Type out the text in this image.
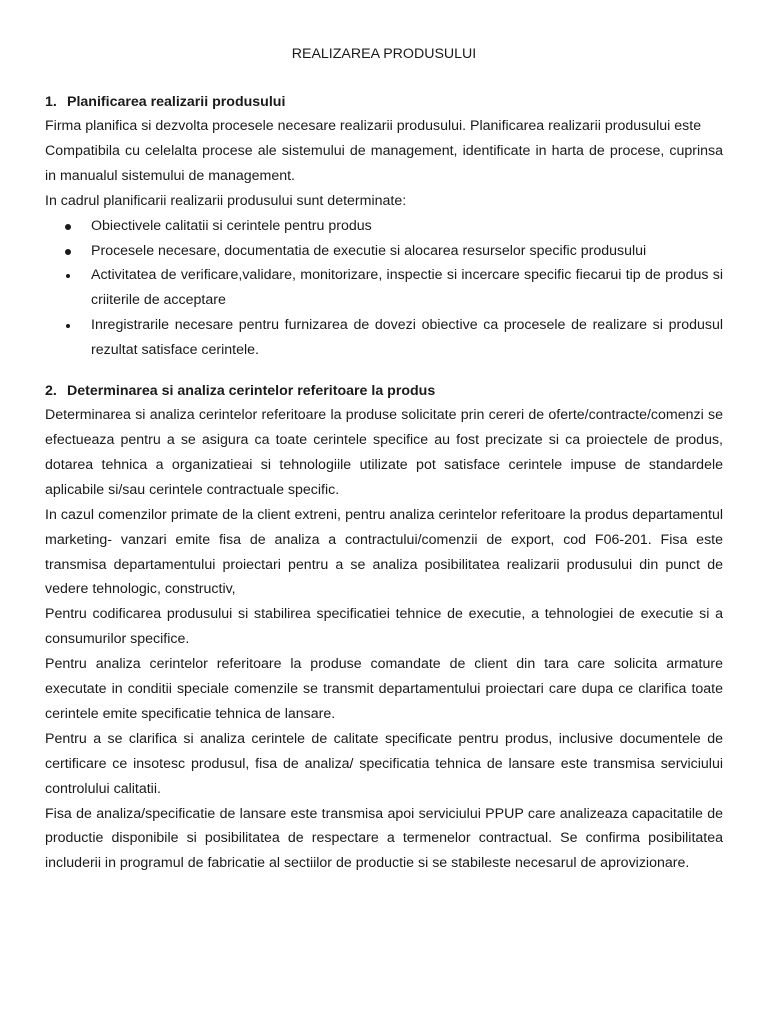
REALIZAREA PRODUSULUI
1. Planificarea realizarii produsului

Firma planifica si dezvolta procesele necesare realizarii produsului. Planificarea realizarii produsului este

Compatibila cu celelalta procese ale sistemului de management, identificate in harta de procese, cuprinsa in manualul sistemului de management.

In cadrul planificarii realizarii produsului sunt determinate:

Obiectivele calitatii si cerintele pentru produs
Procesele necesare, documentatia de executie si alocarea resurselor specific produsului
Activitatea de verificare,validare, monitorizare, inspectie si incercare specific fiecarui tip de produs si criiterile de acceptare
Inregistrarile necesare pentru furnizarea de dovezi obiective ca procesele de realizare si produsul rezultat satisface cerintele.
2. Determinarea si analiza cerintelor referitoare la produs

Determinarea si analiza cerintelor referitoare la produse solicitate prin cereri de oferte/contracte/comenzi se efectueaza pentru a se asigura ca toate cerintele specifice au fost precizate si ca proiectele de produs, dotarea tehnica a organizatieai si tehnologiile utilizate pot satisface cerintele impuse de standardele aplicabile si/sau cerintele contractuale specific.

In cazul comenzilor primate de la client extreni, pentru analiza cerintelor referitoare la produs departamentul marketing- vanzari emite fisa de analiza a contractului/comenzii de export, cod F06-201. Fisa este transmisa departamentului proiectari pentru a se analiza posibilitatea realizarii produsului din punct de vedere tehnologic, constructiv,

Pentru codificarea produsului si stabilirea specificatiei tehnice de executie, a tehnologiei de executie si a consumurilor specifice.

Pentru analiza cerintelor referitoare la produse comandate de client din tara care solicita armature executate in conditii speciale comenzile se transmit departamentului proiectari care dupa ce clarifica toate cerintele emite specificatie tehnica de lansare.

Pentru a se clarifica si analiza cerintele de calitate specificate pentru produs, inclusive documentele de certificare ce insotesc produsul, fisa de analiza/ specificatia tehnica de lansare este transmisa serviciului controlului calitatii.

Fisa de analiza/specificatie de lansare este transmisa apoi serviciului PPUP care analizeaza capacitatile de productie disponibile si posibilitatea de respectare a termenelor contractual. Se confirma posibilitatea includerii in programul de fabricatie al sectiilor de productie si se stabileste necesarul de aprovizionare.
